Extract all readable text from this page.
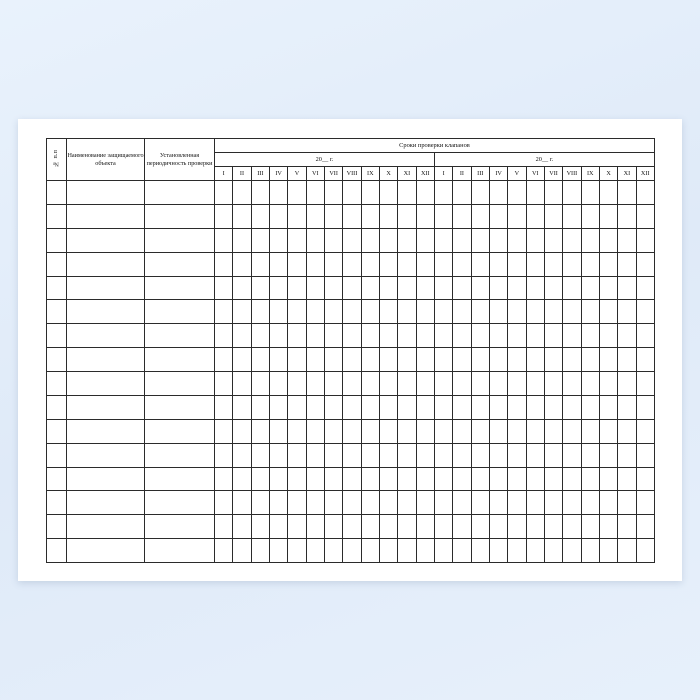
№ п.п	Наименование защищаемого объекта	Установленная периодичность проверки	Сроки проверки клапанов																							
			20__ г.												20__ г.											
			I	II	III	IV	V	VI	VII	VIII	IX	X	XI	XII	I	II	III	IV	V	VI	VII	VIII	IX	X	XI	XII
